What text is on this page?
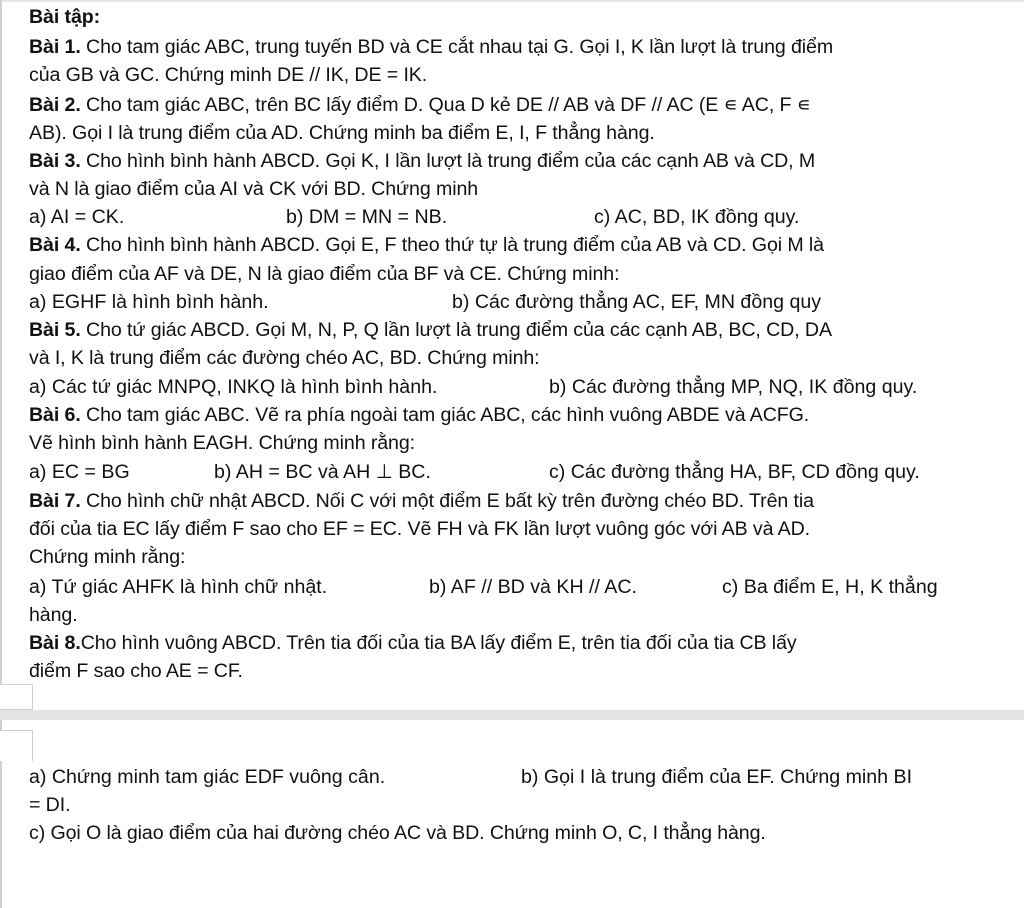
Bài tập:
Bài 1. Cho tam giác ABC, trung tuyến BD và CE cắt nhau tại G. Gọi I, K lần lượt là trung điểm
của GB và GC. Chứng minh DE // IK, DE = IK.
Bài 2. Cho tam giác ABC, trên BC lấy điểm D. Qua D kẻ DE // AB và DF // AC (E ∊ AC, F ∊
AB). Gọi I là trung điểm của AD. Chứng minh ba điểm E, I, F thẳng hàng.
Bài 3. Cho hình bình hành ABCD. Gọi K, I lần lượt là trung điểm của các cạnh AB và CD, M
và N là giao điểm của AI và CK với BD. Chứng minh
a) AI = CK.	b) DM = MN = NB.	c) AC, BD, IK đồng quy.
Bài 4. Cho hình bình hành ABCD. Gọi E, F theo thứ tự là trung điểm của AB và CD. Gọi M là
giao điểm của AF và DE, N là giao điểm của BF và CE. Chứng minh:
a) EGHF là hình bình hành.	b) Các đường thẳng AC, EF, MN đồng quy
Bài 5. Cho tứ giác ABCD. Gọi M, N, P, Q lần lượt là trung điểm của các cạnh AB, BC, CD, DA
và I, K là trung điểm các đường chéo AC, BD. Chứng minh:
a) Các tứ giác MNPQ, INKQ là hình bình hành.	b) Các đường thẳng MP, NQ, IK đồng quy.
Bài 6. Cho tam giác ABC. Vẽ ra phía ngoài tam giác ABC, các hình vuông ABDE và ACFG.
Vẽ hình bình hành EAGH. Chứng minh rằng:
a) EC = BG	b) AH = BC và AH ⊥ BC.	c) Các đường thẳng HA, BF, CD đồng quy.
Bài 7. Cho hình chữ nhật ABCD. Nối C với một điểm E bất kỳ trên đường chéo BD. Trên tia
đối của tia EC lấy điểm F sao cho EF = EC. Vẽ FH và FK lần lượt vuông góc với AB và AD.
Chứng minh rằng:
a) Tứ giác AHFK là hình chữ nhật.	b) AF // BD và KH // AC.	c) Ba điểm E, H, K thẳng
hàng.
Bài 8.Cho hình vuông ABCD. Trên tia đối của tia BA lấy điểm E, trên tia đối của tia CB lấy
điểm F sao cho AE = CF.
a) Chứng minh tam giác EDF vuông cân.	b) Gọi I là trung điểm của EF. Chứng minh BI
= DI.
c) Gọi O là giao điểm của hai đường chéo AC và BD. Chứng minh O, C, I thẳng hàng.
